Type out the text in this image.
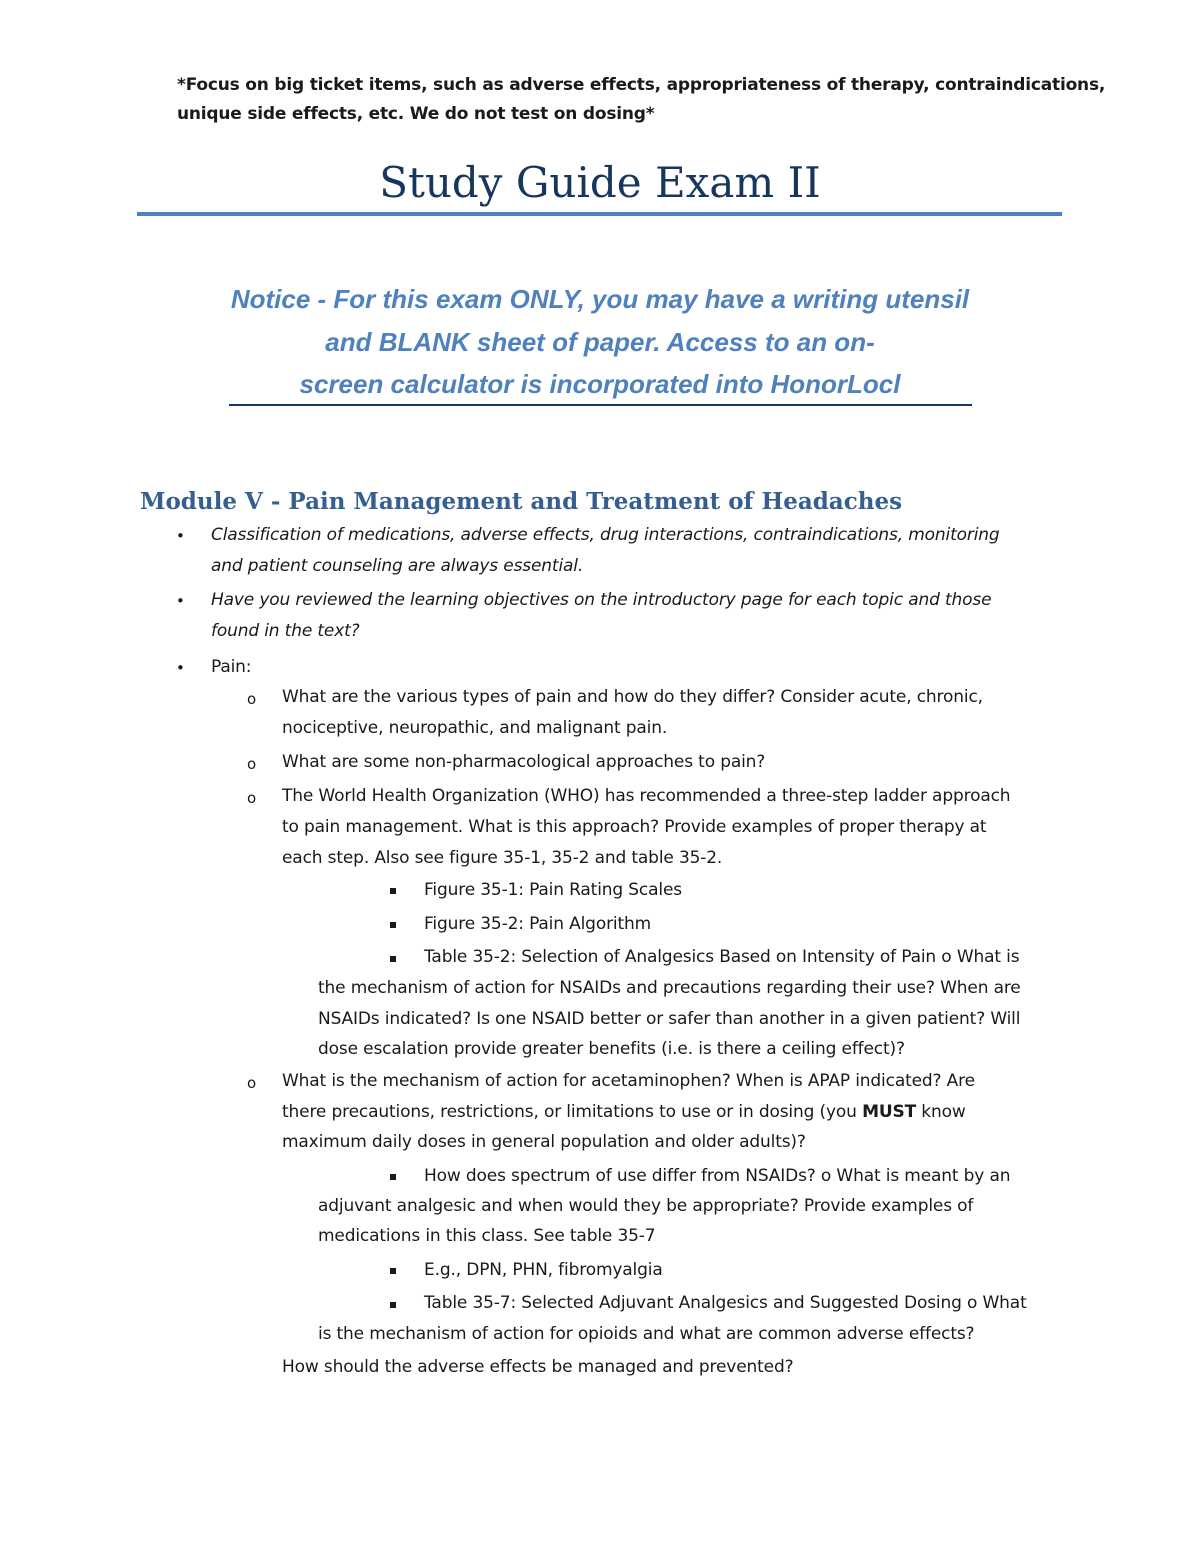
*Focus on big ticket items, such as adverse effects, appropriateness of therapy, contraindications,
unique side effects, etc. We do not test on dosing*
Study Guide Exam II
Notice - For this exam ONLY, you may have a writing utensil
and BLANK sheet of paper. Access to an on-
screen calculator is incorporated into HonorLocl
Module V - Pain Management and Treatment of Headaches
• Classification of medications, adverse effects, drug interactions, contraindications, monitoring
and patient counseling are always essential.
• Have you reviewed the learning objectives on the introductory page for each topic and those
found in the text?
• Pain:
o What are the various types of pain and how do they differ? Consider acute, chronic,
nociceptive, neuropathic, and malignant pain.
o What are some non-pharmacological approaches to pain?
o The World Health Organization (WHO) has recommended a three-step ladder approach
to pain management. What is this approach? Provide examples of proper therapy at
each step. Also see figure 35-1, 35-2 and table 35-2.
Figure 35-1: Pain Rating Scales
Figure 35-2: Pain Algorithm
Table 35-2: Selection of Analgesics Based on Intensity of Pain o What is
the mechanism of action for NSAIDs and precautions regarding their use? When are
NSAIDs indicated? Is one NSAID better or safer than another in a given patient? Will
dose escalation provide greater benefits (i.e. is there a ceiling effect)?
o What is the mechanism of action for acetaminophen? When is APAP indicated? Are
there precautions, restrictions, or limitations to use or in dosing (you MUST know
maximum daily doses in general population and older adults)?
How does spectrum of use differ from NSAIDs? o What is meant by an
adjuvant analgesic and when would they be appropriate? Provide examples of
medications in this class. See table 35-7
E.g., DPN, PHN, fibromyalgia
Table 35-7: Selected Adjuvant Analgesics and Suggested Dosing o What
is the mechanism of action for opioids and what are common adverse effects?
How should the adverse effects be managed and prevented?
